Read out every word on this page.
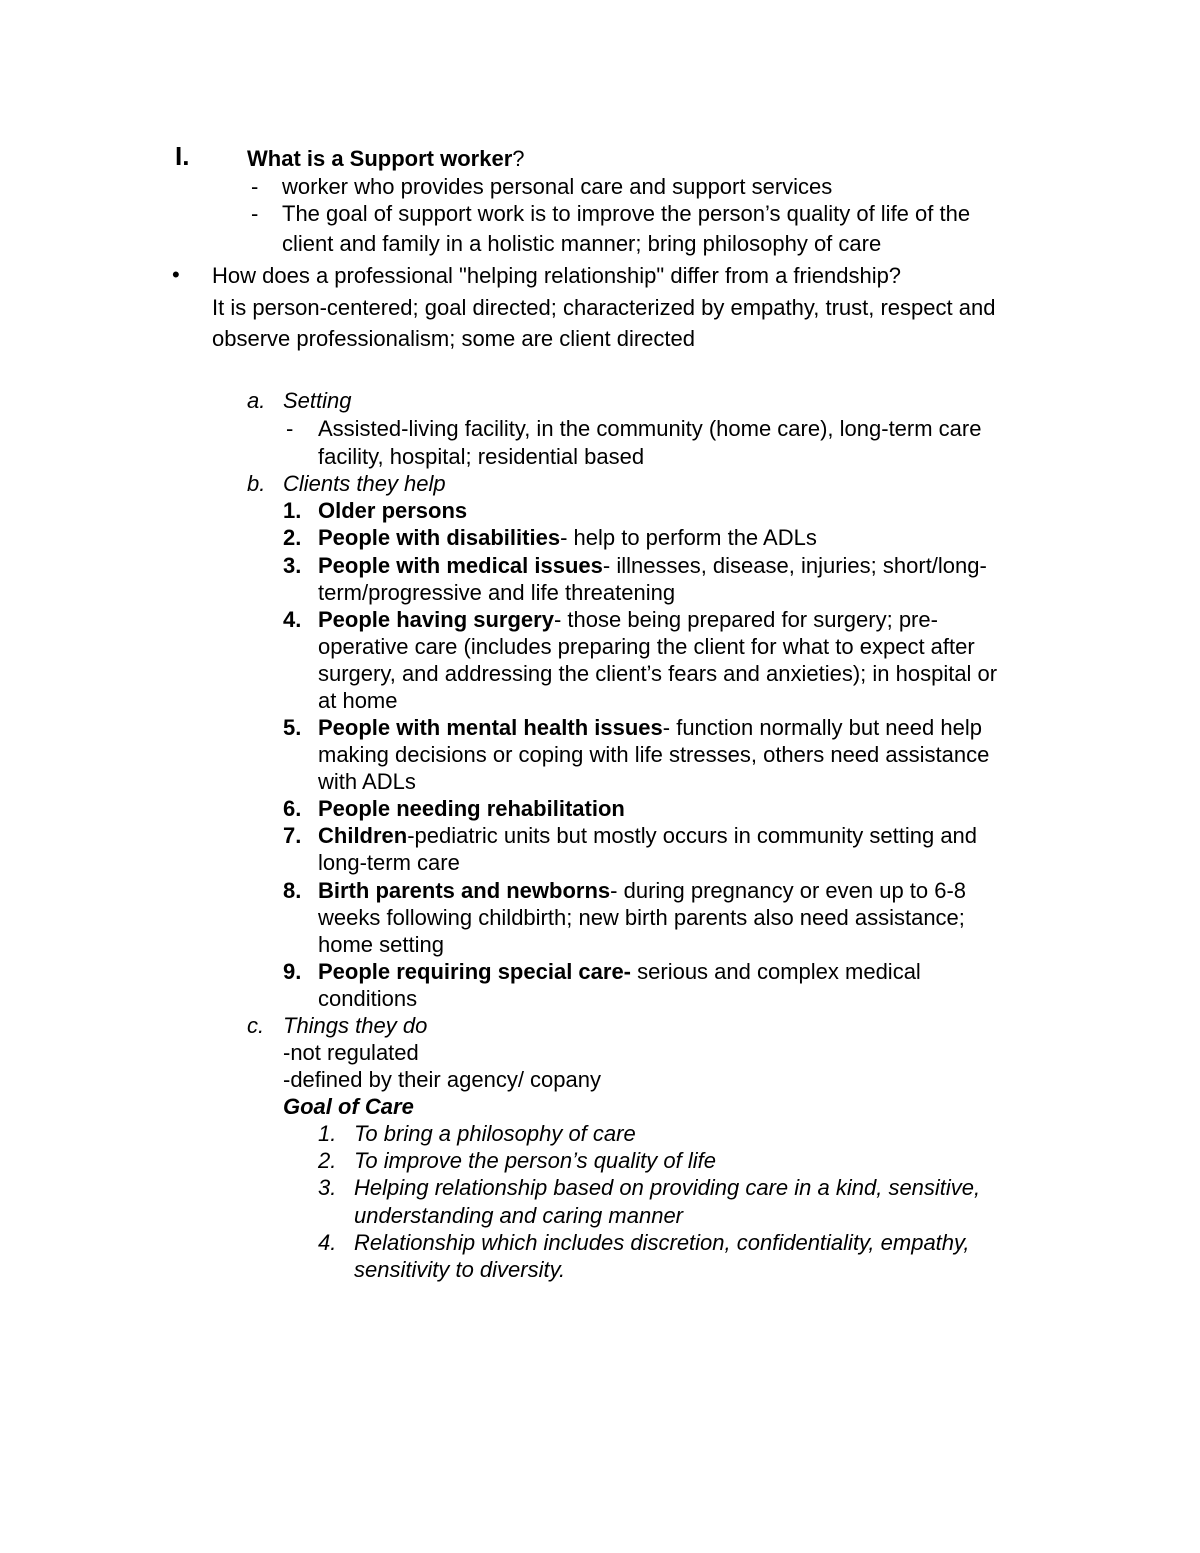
I.	What is a Support worker?
- worker who provides personal care and support services
- The goal of support work is to improve the person’s quality of life of the
client and family in a holistic manner; bring philosophy of care
• How does a professional "helping relationship" differ from a friendship?
It is person-centered; goal directed; characterized by empathy, trust, respect and
observe professionalism; some are client directed
a. Setting
- Assisted-living facility, in the community (home care), long-term care
facility, hospital; residential based
b. Clients they help
1. Older persons
2. People with disabilities- help to perform the ADLs
3. People with medical issues- illnesses, disease, injuries; short/long-
term/progressive and life threatening
4. People having surgery- those being prepared for surgery; pre-
operative care (includes preparing the client for what to expect after
surgery, and addressing the client’s fears and anxieties); in hospital or
at home
5. People with mental health issues- function normally but need help
making decisions or coping with life stresses, others need assistance
with ADLs
6. People needing rehabilitation
7. Children-pediatric units but mostly occurs in community setting and
long-term care
8. Birth parents and newborns- during pregnancy or even up to 6-8
weeks following childbirth; new birth parents also need assistance;
home setting
9. People requiring special care- serious and complex medical
conditions
c. Things they do
-not regulated
-defined by their agency/ copany
Goal of Care
1. To bring a philosophy of care
2. To improve the person’s quality of life
3. Helping relationship based on providing care in a kind, sensitive,
understanding and caring manner
4. Relationship which includes discretion, confidentiality, empathy,
sensitivity to diversity.
